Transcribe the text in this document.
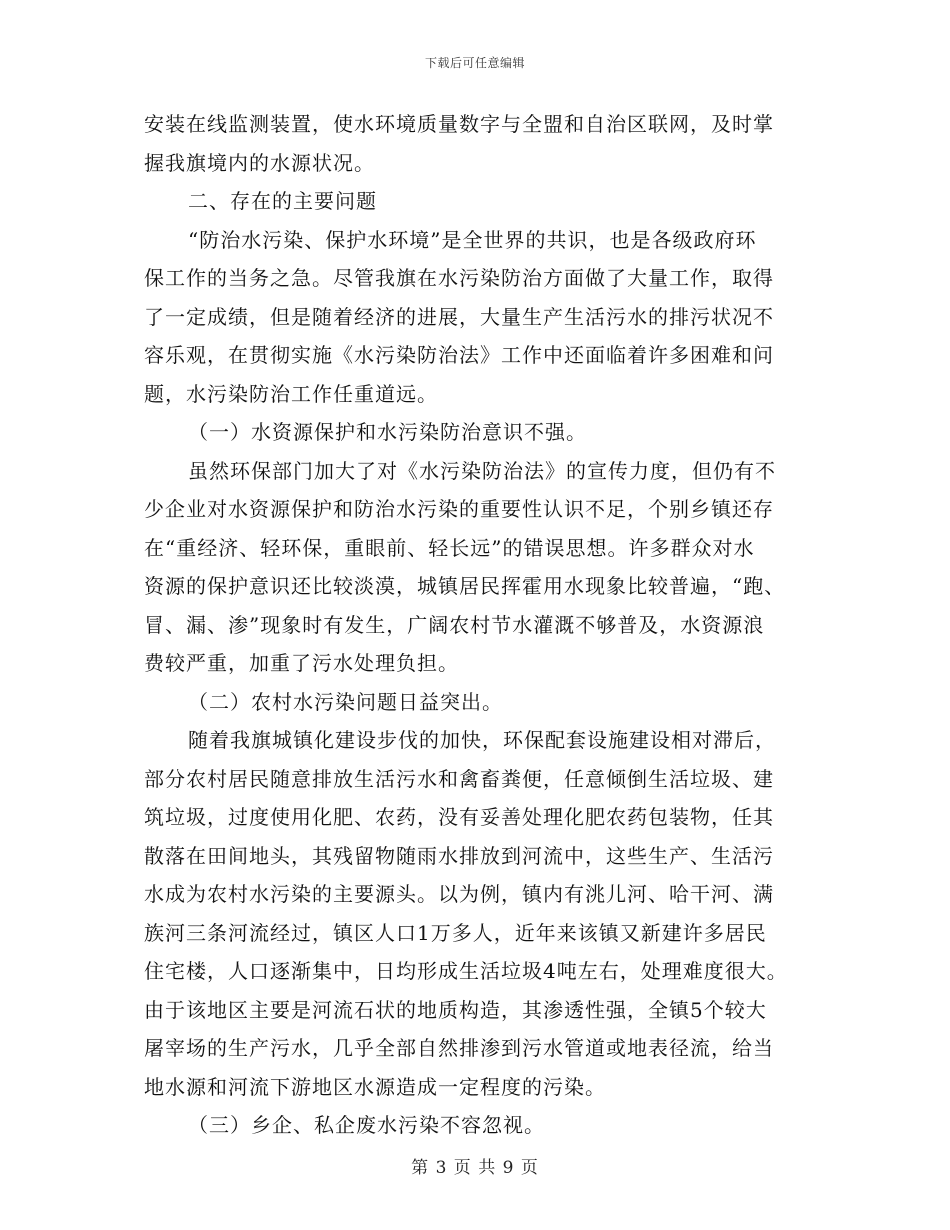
下载后可任意编辑
安装在线监测装置，使水环境质量数字与全盟和自治区联网，及时掌
握我旗境内的水源状况。
二、存在的主要问题
“防治水污染、保护水环境”是全世界的共识，也是各级政府环
保工作的当务之急。尽管我旗在水污染防治方面做了大量工作，取得
了一定成绩，但是随着经济的进展，大量生产生活污水的排污状况不
容乐观，在贯彻实施《水污染防治法》工作中还面临着许多困难和问
题，水污染防治工作任重道远。
（一）水资源保护和水污染防治意识不强。
虽然环保部门加大了对《水污染防治法》的宣传力度，但仍有不
少企业对水资源保护和防治水污染的重要性认识不足，个别乡镇还存
在“重经济、轻环保，重眼前、轻长远”的错误思想。许多群众对水
资源的保护意识还比较淡漠，城镇居民挥霍用水现象比较普遍，“跑、
冒、漏、渗”现象时有发生，广阔农村节水灌溉不够普及，水资源浪
费较严重，加重了污水处理负担。
（二）农村水污染问题日益突出。
随着我旗城镇化建设步伐的加快，环保配套设施建设相对滞后，
部分农村居民随意排放生活污水和禽畜粪便，任意倾倒生活垃圾、建
筑垃圾，过度使用化肥、农药，没有妥善处理化肥农药包装物，任其
散落在田间地头，其残留物随雨水排放到河流中，这些生产、生活污
水成为农村水污染的主要源头。以为例，镇内有洮儿河、哈干河、满
族河三条河流经过，镇区人口1万多人，近年来该镇又新建许多居民
住宅楼，人口逐渐集中，日均形成生活垃圾4吨左右，处理难度很大。
由于该地区主要是河流石状的地质构造，其渗透性强，全镇5个较大
屠宰场的生产污水，几乎全部自然排渗到污水管道或地表径流，给当
地水源和河流下游地区水源造成一定程度的污染。
（三）乡企、私企废水污染不容忽视。
第 3 页 共 9 页
